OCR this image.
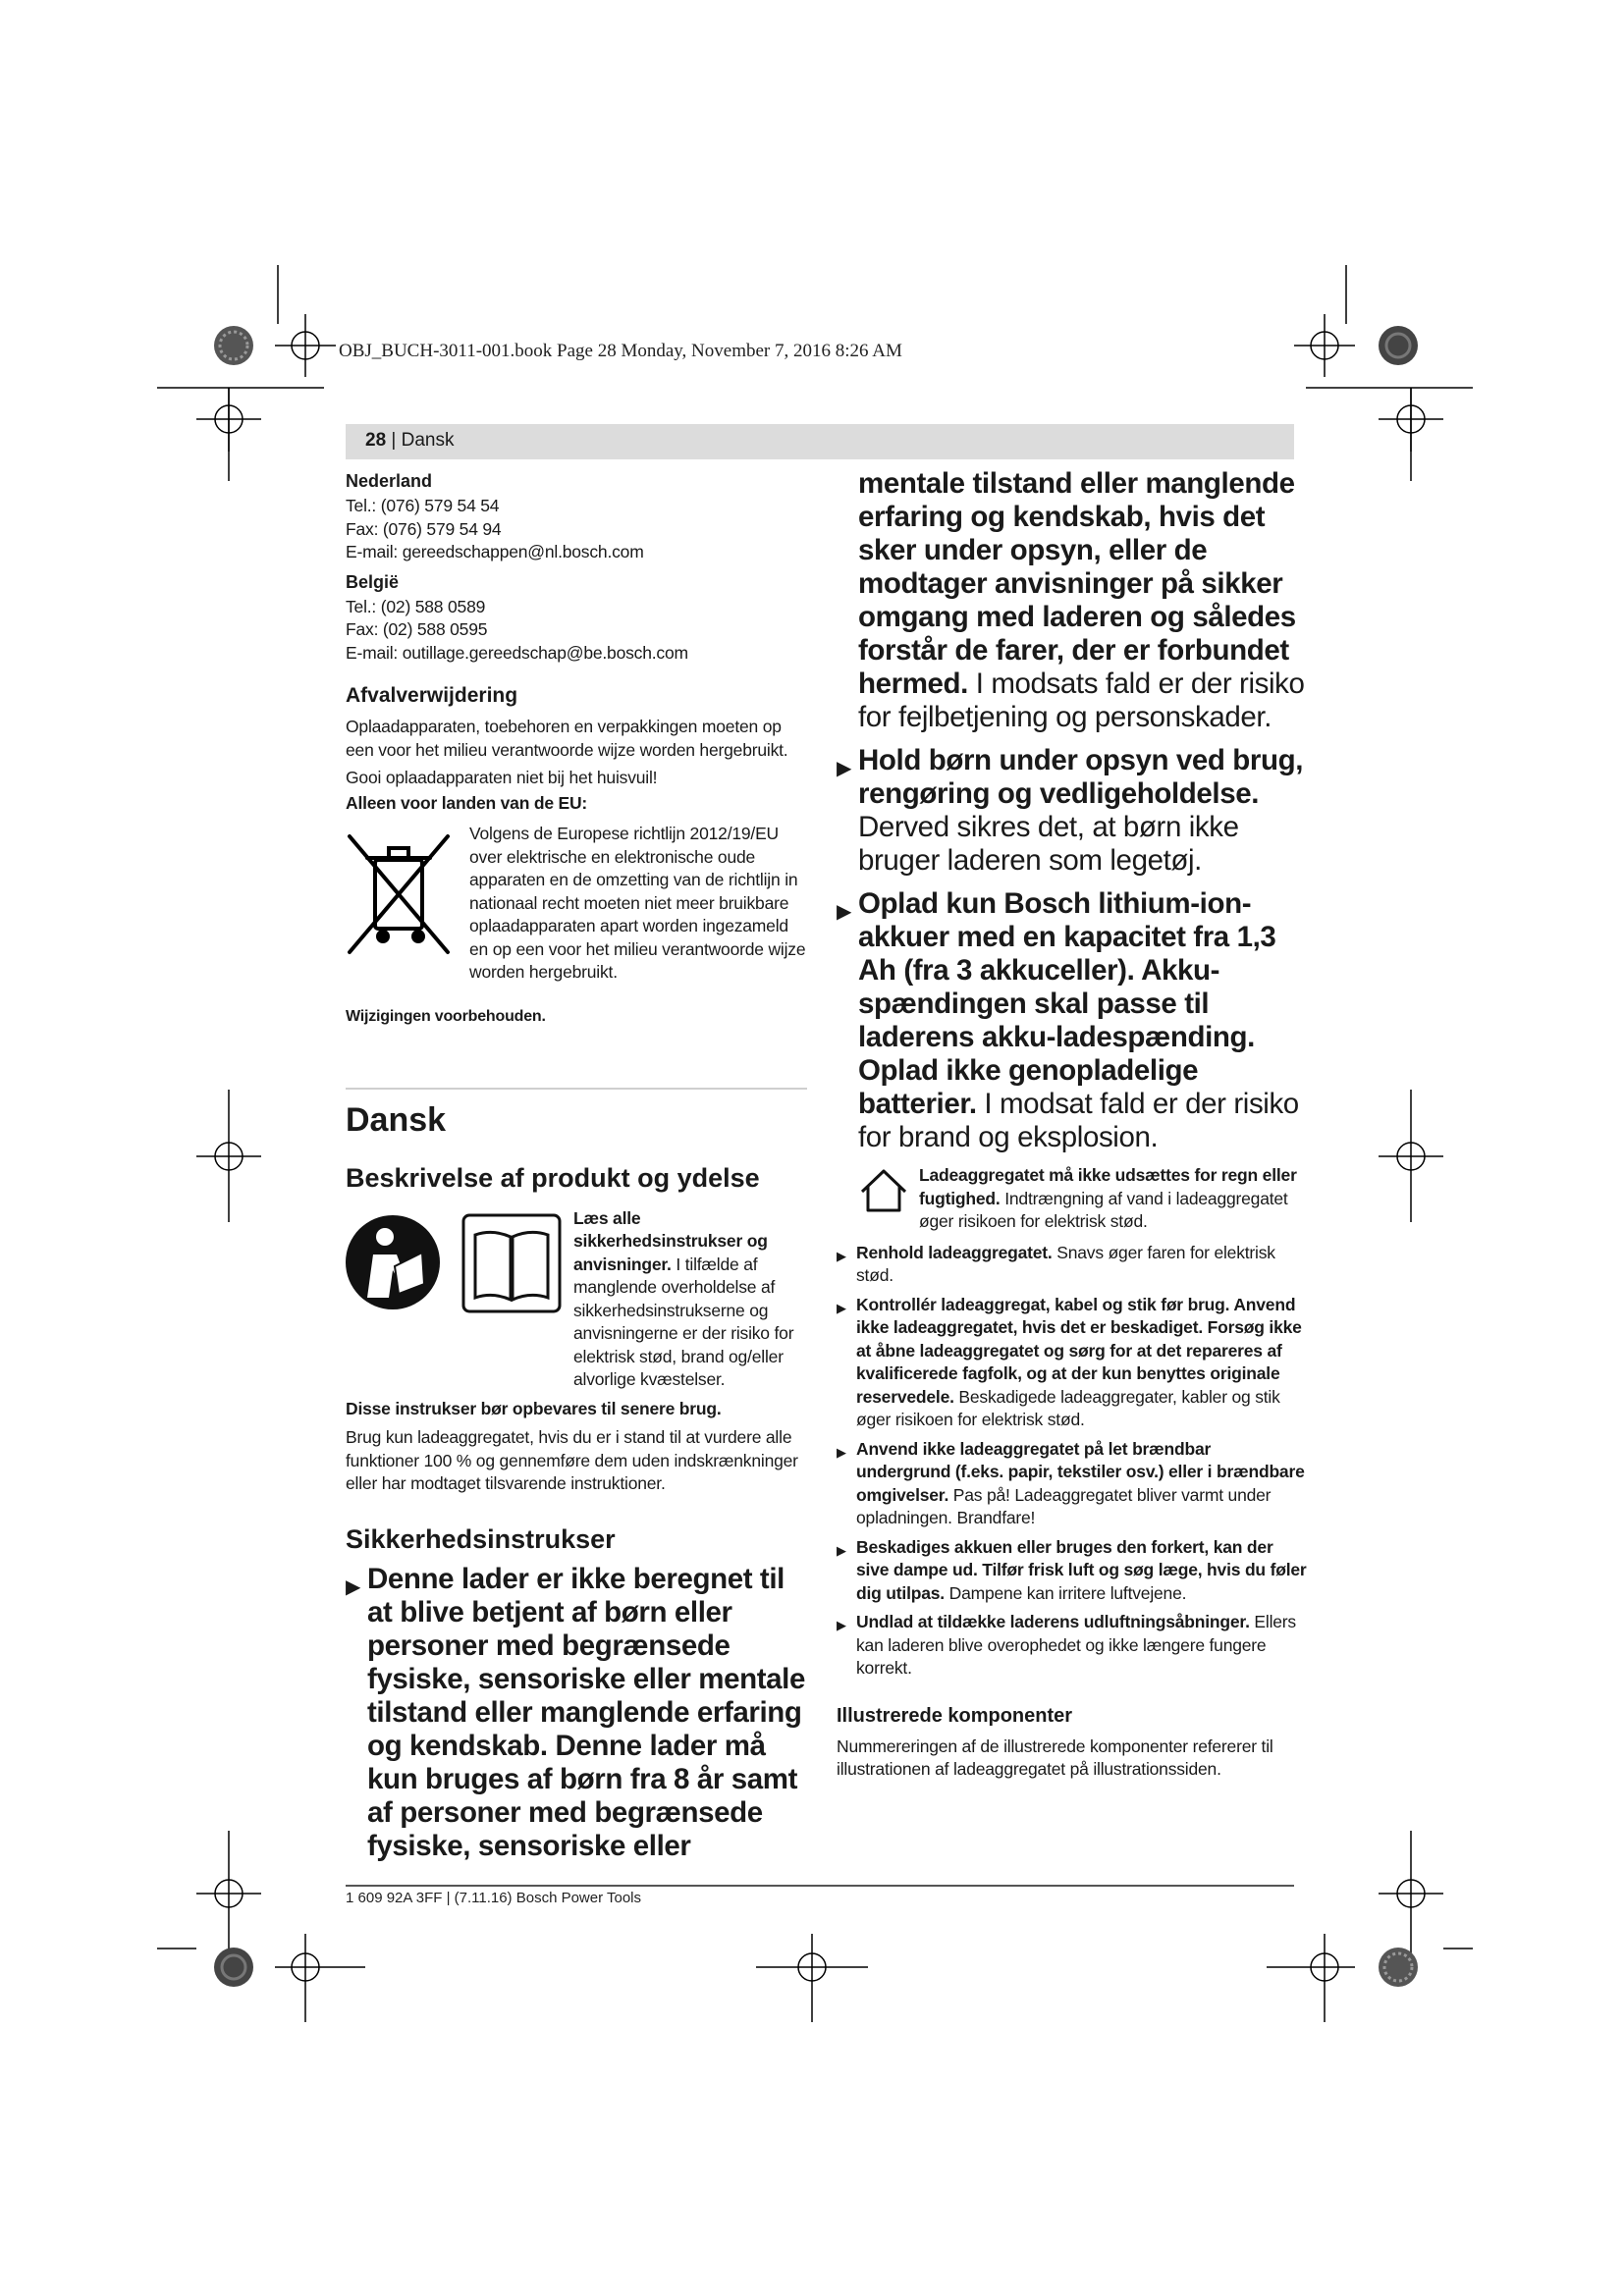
OBJ_BUCH-3011-001.book Page 28 Monday, November 7, 2016 8:26 AM
28 | Dansk

Nederland

Tel.: (076) 579 54 54

Fax: (076) 579 54 94

E-mail: gereedschappen@nl.bosch.com

België

Tel.: (02) 588 0589

Fax: (02) 588 0595

E-mail: outillage.gereedschap@be.bosch.com

Afvalverwijdering

Oplaadapparaten, toebehoren en verpakkingen moeten op een voor het milieu verantwoorde wijze worden hergebruikt.

Gooi oplaadapparaten niet bij het huisvuil!

Alleen voor landen van de EU:

Volgens de Europese richtlijn 2012/19/EU over elektrische en elektronische oude apparaten en de omzetting van de richtlijn in nationaal recht moeten niet meer bruikbare oplaadapparaten apart worden ingezameld en op een voor het milieu verantwoorde wijze worden hergebruikt.

Wijzigingen voorbehouden.

Dansk

Beskrivelse af produkt og ydelse

Læs alle sikkerhedsinstrukser og anvisninger. I tilfælde af manglende overholdelse af sikkerhedsinstrukserne og anvisningerne er der risiko for elektrisk stød, brand og/eller alvorlige kvæstelser.

Disse instrukser bør opbevares til senere brug.

Brug kun ladeaggregatet, hvis du er i stand til at vurdere alle funktioner 100 % og gennemføre dem uden indskrænkninger eller har modtaget tilsvarende instruktioner.

Sikkerhedsinstrukser

▶ Denne lader er ikke beregnet til at blive betjent af børn eller personer med begrænsede fysiske, sensoriske eller mentale tilstand eller manglende erfaring og kendskab. Denne lader må kun bruges af børn fra 8 år samt af personer med begrænsede fysiske, sensoriske eller

mentale tilstand eller manglende erfaring og kendskab, hvis det sker under opsyn, eller de modtager anvisninger på sikker omgang med laderen og således forstår de farer, der er forbundet hermed. I modsats fald er der risiko for fejlbetjening og personskader.

▶ Hold børn under opsyn ved brug, rengøring og vedligeholdelse. Derved sikres det, at børn ikke bruger laderen som legetøj.
▶ Oplad kun Bosch lithium-ion-akkuer med en kapacitet fra 1,3 Ah (fra 3 akkuceller). Akku-spændingen skal passe til laderens akku-ladespænding. Oplad ikke genopladelige batterier. I modsat fald er der risiko for brand og eksplosion.
Ladeaggregatet må ikke udsættes for regn eller fugtighed. Indtrængning af vand i ladeaggregatet øger risikoen for elektrisk stød.
▶ Renhold ladeaggregatet. Snavs øger faren for elektrisk stød.
▶ Kontrollér ladeaggregat, kabel og stik før brug. Anvend ikke ladeaggregatet, hvis det er beskadiget. Forsøg ikke at åbne ladeaggregatet og sørg for at det repareres af kvalificerede fagfolk, og at der kun benyttes originale reservedele. Beskadigede ladeaggregater, kabler og stik øger risikoen for elektrisk stød.
▶ Anvend ikke ladeaggregatet på let brændbar undergrund (f.eks. papir, tekstiler osv.) eller i brændbare omgivelser. Pas på! Ladeaggregatet bliver varmt under opladningen. Brandfare!
▶ Beskadiges akkuen eller bruges den forkert, kan der sive dampe ud. Tilfør frisk luft og søg læge, hvis du føler dig utilpas. Dampene kan irritere luftvejene.
▶ Undlad at tildække laderens udluftningsåbninger. Ellers kan laderen blive overophedet og ikke længere fungere korrekt.

Illustrerede komponenter

Nummereringen af de illustrerede komponenter refererer til illustrationen af ladeaggregatet på illustrationssiden.

1 609 92A 3FF | (7.11.16) Bosch Power Tools
